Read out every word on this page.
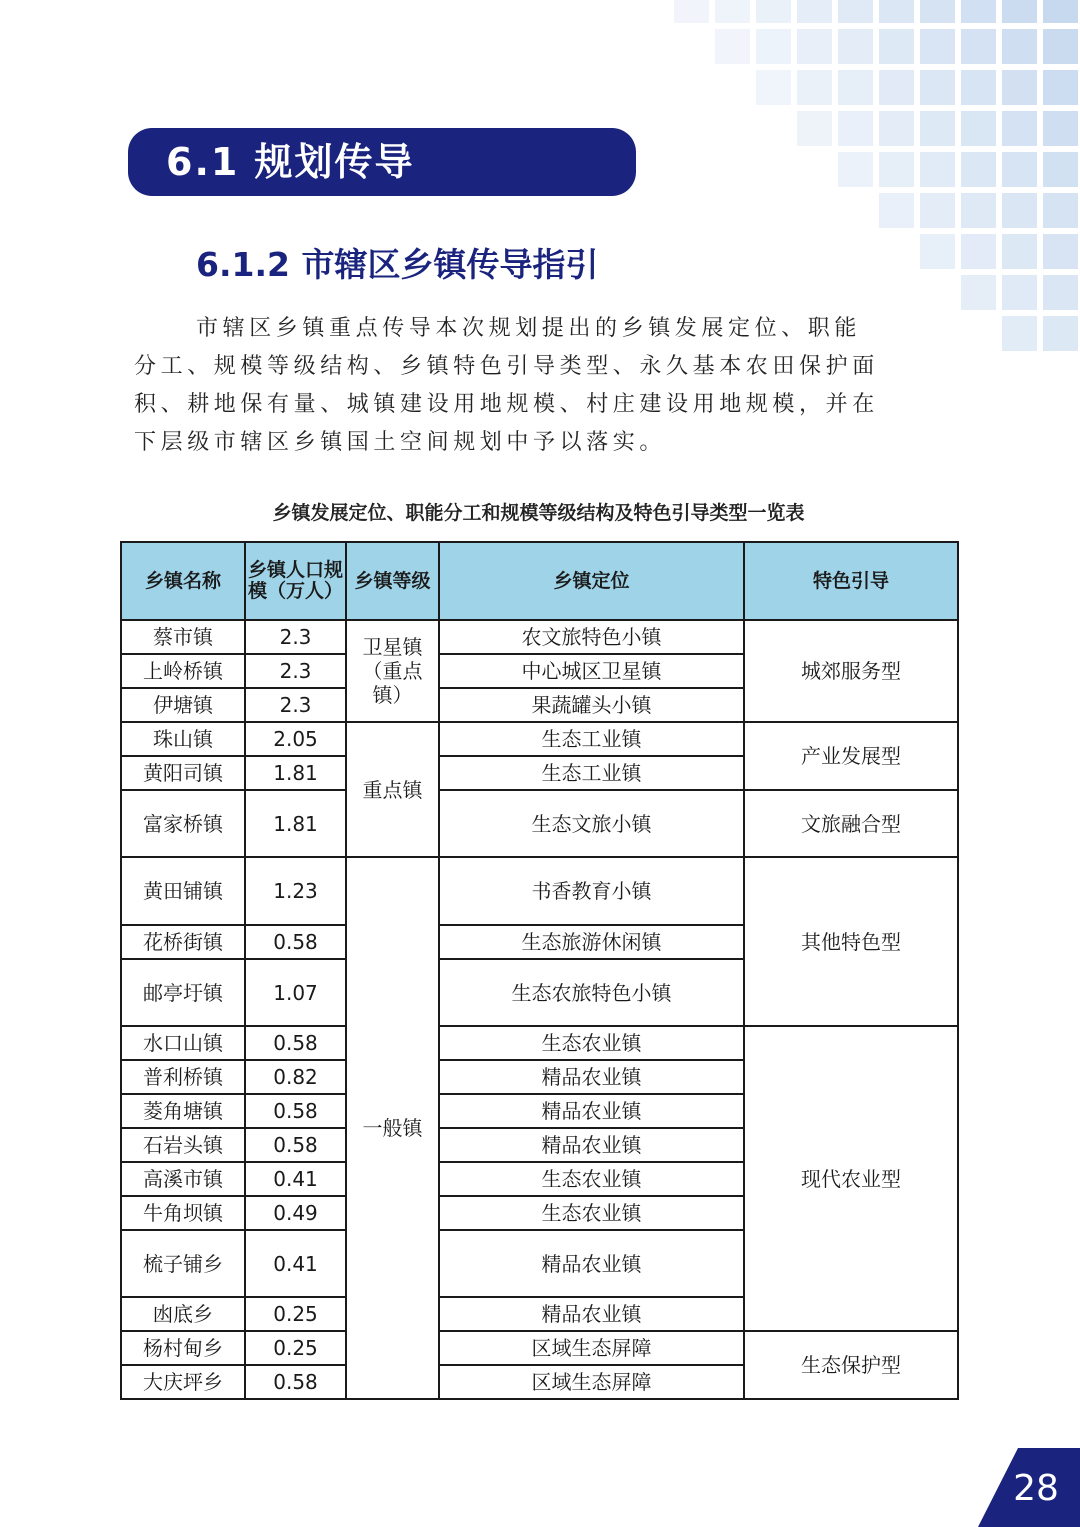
6.1 规划传导
6.1.2 市辖区乡镇传导指引

市辖区乡镇重点传导本次规划提出的乡镇发展定位、职能

分工、规模等级结构、乡镇特色引导类型、永久基本农田保护面

积、耕地保有量、城镇建设用地规模、村庄建设用地规模，并在

下层级市辖区乡镇国土空间规划中予以落实。

乡镇发展定位、职能分工和规模等级结构及特色引导类型一览表
乡镇名称	乡镇人口规模（万人）	乡镇等级	乡镇定位	特色引导
蔡市镇	2.3	卫星镇（重点镇）	农文旅特色小镇	城郊服务型
上岭桥镇	2.3		中心城区卫星镇	
伊塘镇	2.3		果蔬罐头小镇	
珠山镇	2.05	重点镇	生态工业镇	产业发展型
黄阳司镇	1.81		生态工业镇	
富家桥镇	1.81		生态文旅小镇	文旅融合型
黄田铺镇	1.23	一般镇	书香教育小镇	其他特色型
花桥街镇	0.58		生态旅游休闲镇	
邮亭圩镇	1.07		生态农旅特色小镇	
水口山镇	0.58		生态农业镇	现代农业型
普利桥镇	0.82		精品农业镇	
菱角塘镇	0.58		精品农业镇	
石岩头镇	0.58		精品农业镇	
高溪市镇	0.41		生态农业镇	
牛角坝镇	0.49		生态农业镇	
梳子铺乡	0.41		精品农业镇	
凼底乡	0.25		精品农业镇	
杨村甸乡	0.25		区域生态屏障	生态保护型
大庆坪乡	0.58		区域生态屏障	
28
